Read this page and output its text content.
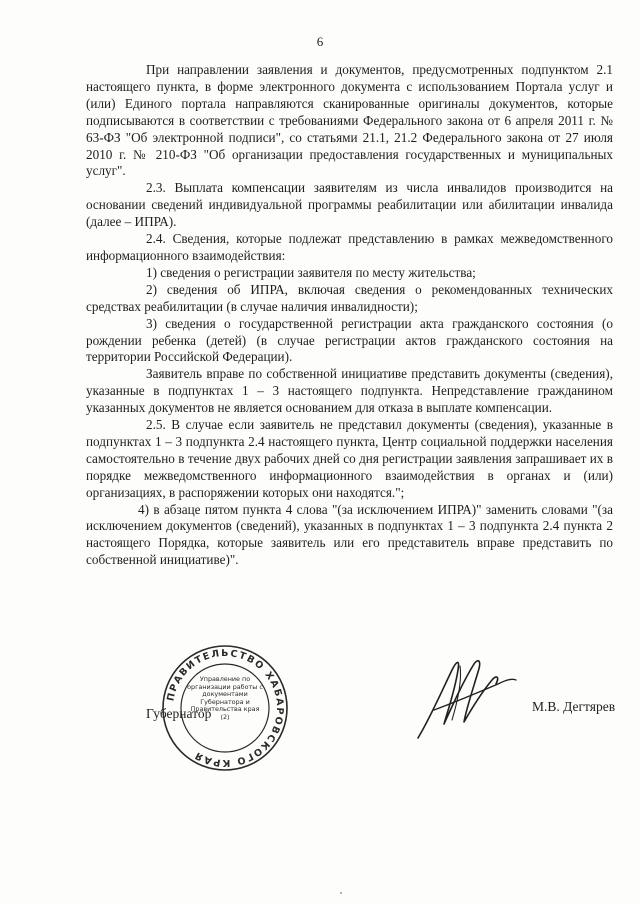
6

При направлении заявления и документов, предусмотренных подпунктом 2.1 настоящего пункта, в форме электронного документа с использованием Портала услуг и (или) Единого портала направляются сканированные оригиналы документов, которые подписываются в соответствии с требованиями Федерального закона от 6 апреля 2011 г. № 63-ФЗ "Об электронной подписи", со статьями 21.1, 21.2 Федерального закона от 27 июля 2010 г. № 210-ФЗ "Об организации предоставления государственных и муниципальных услуг".

2.3. Выплата компенсации заявителям из числа инвалидов производится на основании сведений индивидуальной программы реабилитации или абилитации инвалида (далее – ИПРА).

2.4. Сведения, которые подлежат представлению в рамках межведомственного информационного взаимодействия:

1) сведения о регистрации заявителя по месту жительства;

2) сведения об ИПРА, включая сведения о рекомендованных технических средствах реабилитации (в случае наличия инвалидности);

3) сведения о государственной регистрации акта гражданского состояния (о рождении ребенка (детей) (в случае регистрации актов гражданского состояния на территории Российской Федерации).

Заявитель вправе по собственной инициативе представить документы (сведения), указанные в подпунктах 1 – 3 настоящего подпункта. Непредставление гражданином указанных документов не является основанием для отказа в выплате компенсации.

2.5. В случае если заявитель не представил документы (сведения), указанные в подпунктах 1 – 3 подпункта 2.4 настоящего пункта, Центр социальной поддержки населения самостоятельно в течение двух рабочих дней со дня регистрации заявления запрашивает их в порядке межведомственного информационного взаимодействия в органах и (или) организациях, в распоряжении которых они находятся.";

4) в абзаце пятом пункта 4 слова "(за исключением ИПРА)" заменить словами "(за исключением документов (сведений), указанных в подпунктах 1 – 3 подпункта 2.4 пункта 2 настоящего Порядка, которые заявитель или его представитель вправе представить по собственной инициативе)".

Губернатор
ПРАВИТЕЛЬСТВО ХАБАРОВСКОГО КРАЯ
Управление по организации работы с документами Губернатора и Правительства края (2)
М.В. Дегтярев
